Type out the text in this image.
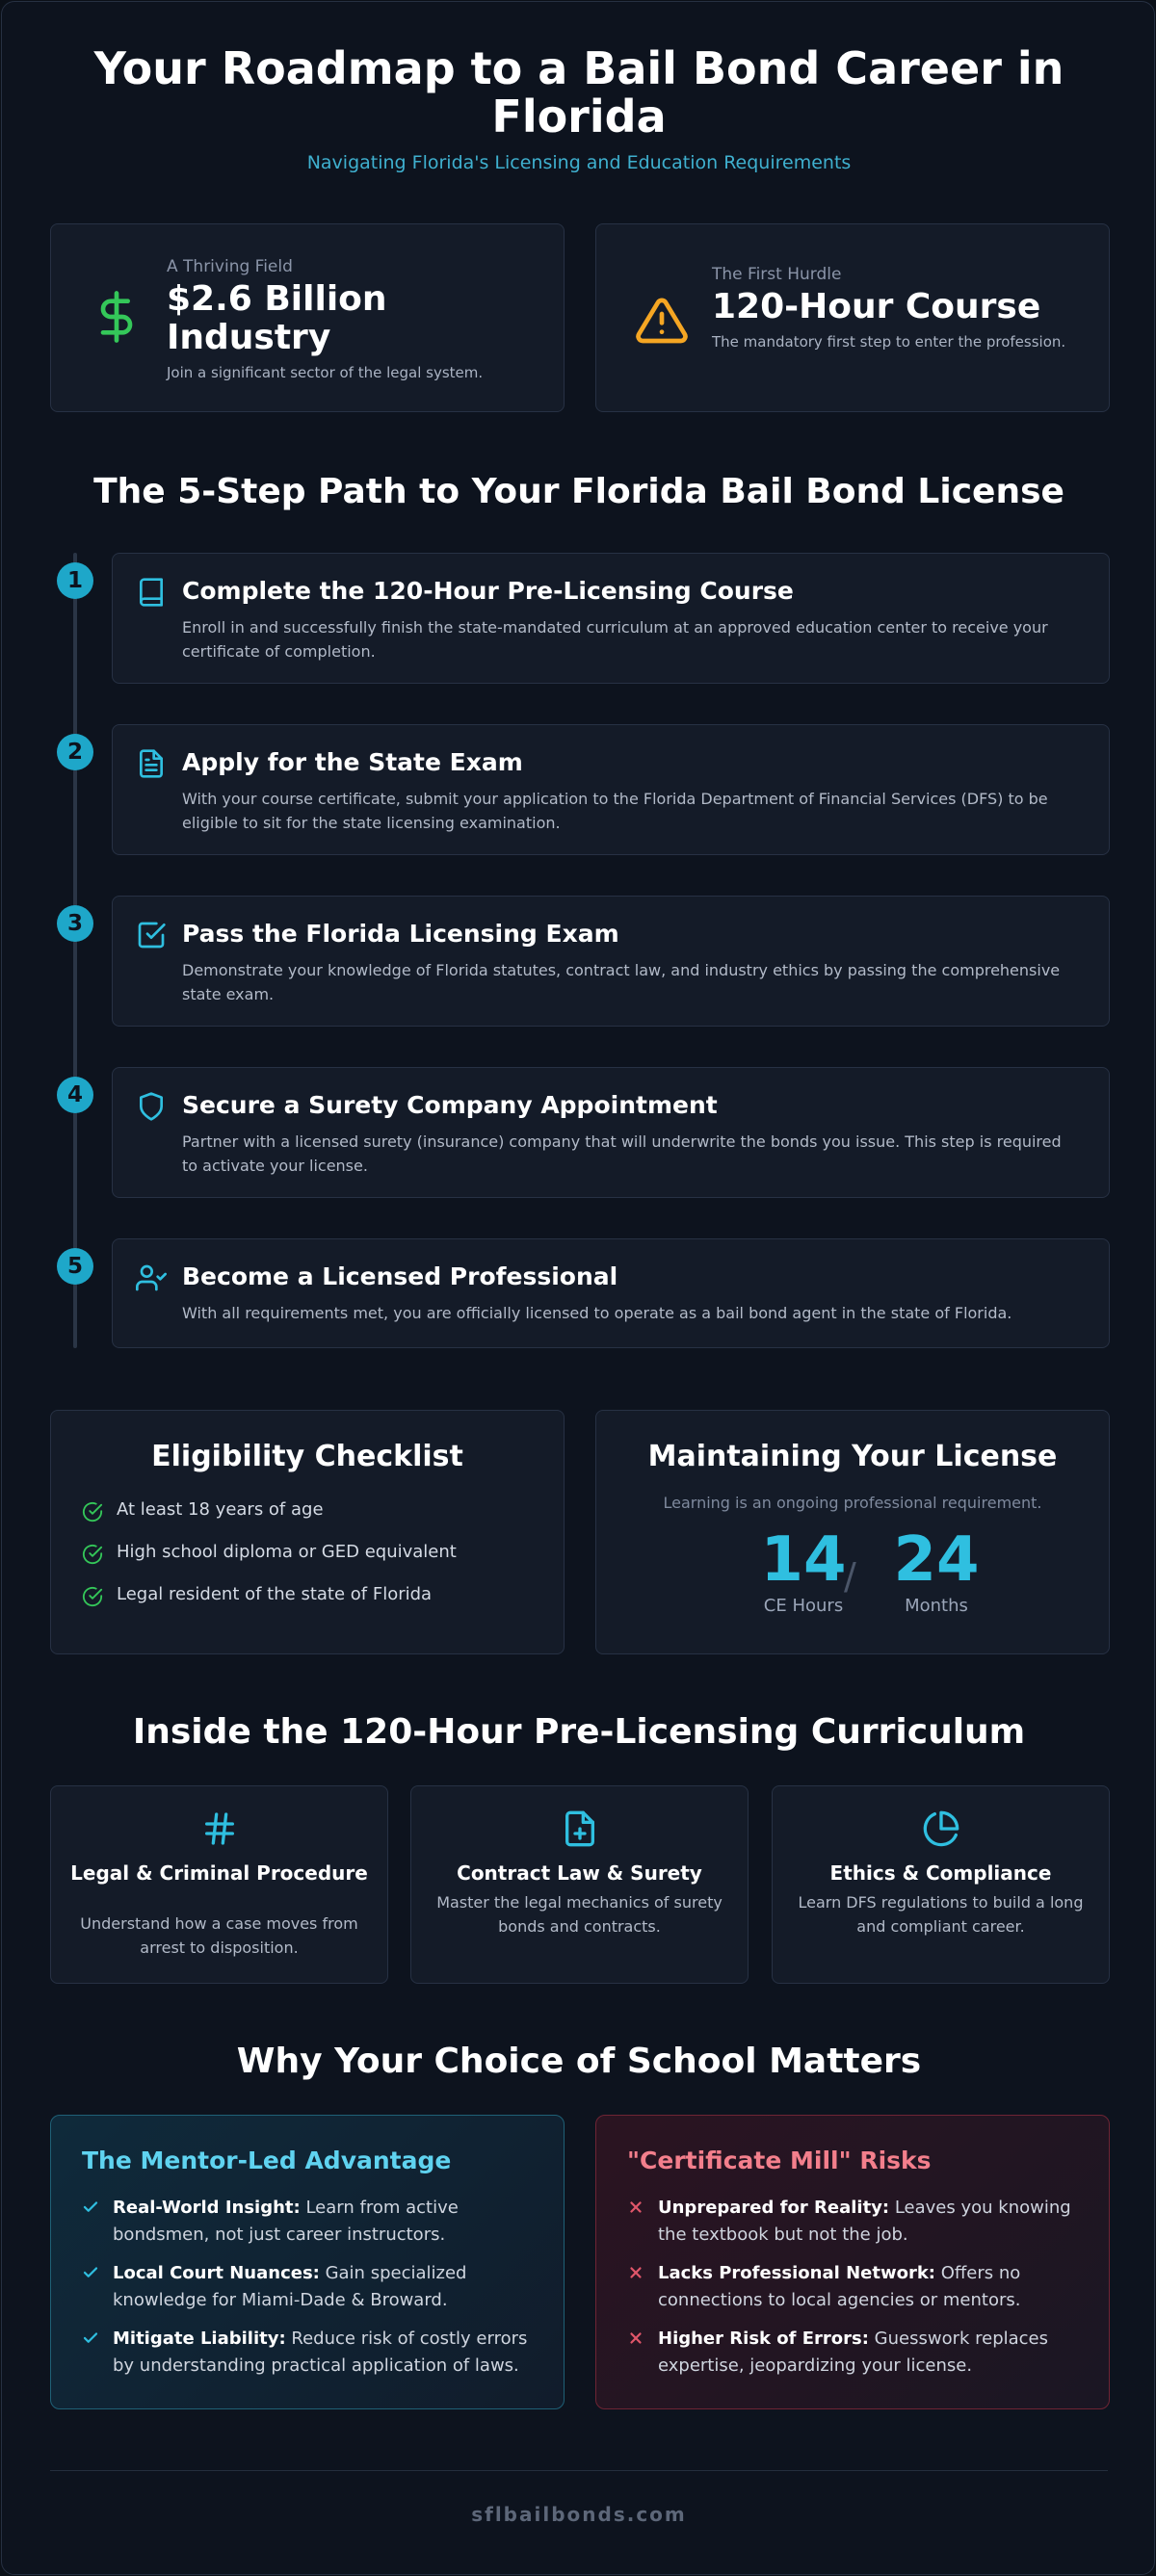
Your Roadmap to a Bail Bond Career in Florida
Navigating Florida's Licensing and Education Requirements
A Thriving Field
$2.6 Billion Industry
Join a significant sector of the legal system.
The First Hurdle
120-Hour Course
The mandatory first step to enter the profession.
The 5-Step Path to Your Florida Bail Bond License
1	Complete the 120-Hour Pre-Licensing Course
Enroll in and successfully finish the state-mandated curriculum at an approved education center to receive your certificate of completion.
2	Apply for the State Exam
With your course certificate, submit your application to the Florida Department of Financial Services (DFS) to be eligible to sit for the state licensing examination.
3	Pass the Florida Licensing Exam
Demonstrate your knowledge of Florida statutes, contract law, and industry ethics by passing the comprehensive state exam.
4	Secure a Surety Company Appointment
Partner with a licensed surety (insurance) company that will underwrite the bonds you issue. This step is required to activate your license.
5	Become a Licensed Professional
With all requirements met, you are officially licensed to operate as a bail bond agent in the state of Florida.
Eligibility Checklist
At least 18 years of age
High school diploma or GED equivalent
Legal resident of the state of Florida
Maintaining Your License
Learning is an ongoing professional requirement.
14
CE Hours
/ 24
Months
Inside the 120-Hour Pre-Licensing Curriculum
Legal & Criminal Procedure
Understand how a case moves from arrest to disposition.
Contract Law & Surety
Master the legal mechanics of surety bonds and contracts.
Ethics & Compliance
Learn DFS regulations to build a long and compliant career.
Why Your Choice of School Matters
The Mentor-Led Advantage
Real-World Insight: Learn from active bondsmen, not just career instructors.
Local Court Nuances: Gain specialized knowledge for Miami-Dade & Broward.
Mitigate Liability: Reduce risk of costly errors by understanding practical application of laws.
"Certificate Mill" Risks
Unprepared for Reality: Leaves you knowing the textbook but not the job.
Lacks Professional Network: Offers no connections to local agencies or mentors.
Higher Risk of Errors: Guesswork replaces expertise, jeopardizing your license.
sflbailbonds.com
